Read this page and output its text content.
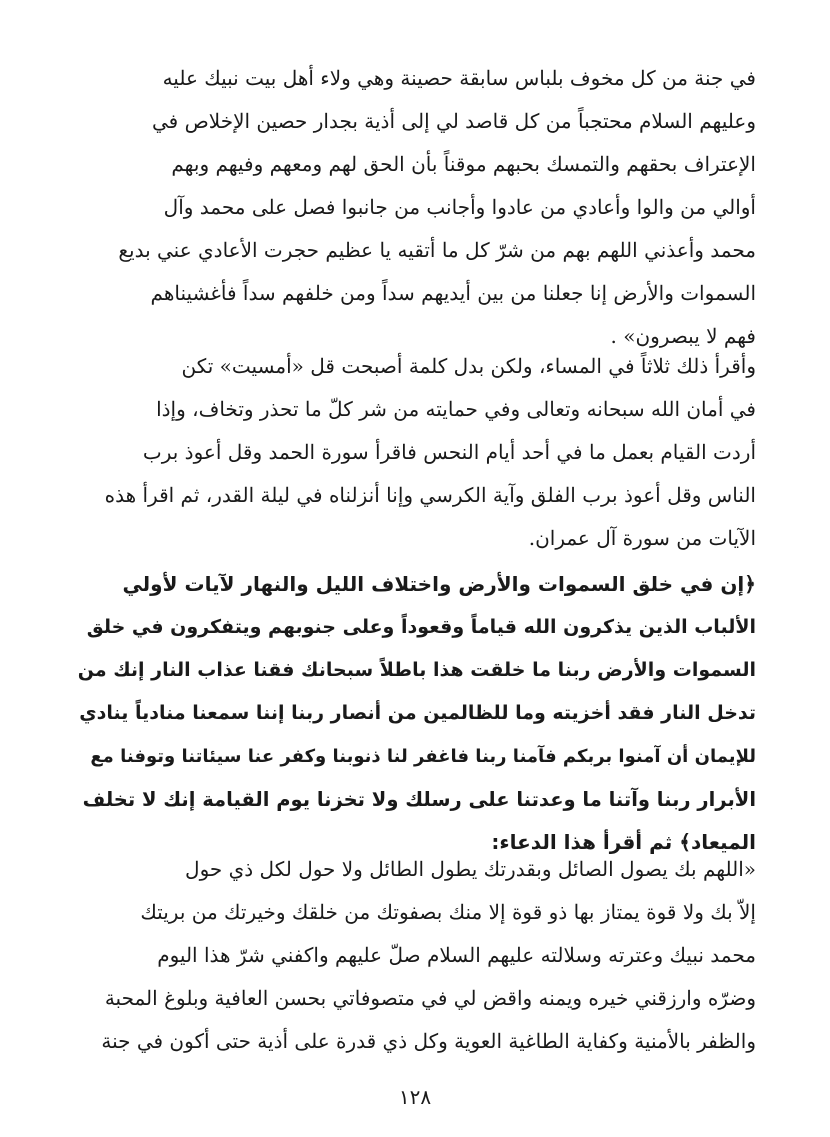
في جنة من كل مخوف بلباس سابقة حصينة وهي ولاء أهل بيت نبيك عليه
وعليهم السلام محتجباً من كل قاصد لي إلى أذية بجدار حصين الإخلاص في
الإعتراف بحقهم والتمسك بحبهم موقناً بأن الحق لهم ومعهم وفيهم وبهم
أوالي من والوا وأعادي من عادوا وأجانب من جانبوا فصل على محمد وآل
محمد وأعذني اللهم بهم من شرّ كل ما أتقيه يا عظيم حجرت الأعادي عني بديع
السموات والأرض إنا جعلنا من بين أيديهم سداً ومن خلفهم سداً فأغشيناهم
فهم لا يبصرون» .
وأقرأ ذلك ثلاثاً في المساء، ولكن بدل كلمة أصبحت قل «أمسيت» تكن
في أمان الله سبحانه وتعالى وفي حمايته من شر كلّ ما تحذر وتخاف، وإذا
أردت القيام بعمل ما في أحد أيام النحس فاقرأ سورة الحمد وقل أعوذ برب
الناس وقل أعوذ برب الفلق وآية الكرسي وإنا أنزلناه في ليلة القدر، ثم اقرأ هذه
الآيات من سورة آل عمران.
﴿إن في خلق السموات والأرض واختلاف الليل والنهار لآيات لأولي
الألباب الذين يذكرون الله قياماً وقعوداً وعلى جنوبهم ويتفكرون في خلق
السموات والأرض ربنا ما خلقت هذا باطلاً سبحانك فقنا عذاب النار إنك من
تدخل النار فقد أخزيته وما للظالمين من أنصار ربنا إننا سمعنا منادياً ينادي
للإيمان أن آمنوا بربكم فآمنا ربنا فاغفر لنا ذنوبنا وكفر عنا سيئاتنا وتوفنا مع
الأبرار ربنا وآتنا ما وعدتنا على رسلك ولا تخزنا يوم القيامة إنك لا تخلف
الميعاد﴾ ثم أقرأ هذا الدعاء:
«اللهم بك يصول الصائل وبقدرتك يطول الطائل ولا حول لكل ذي حول
إلاّ بك ولا قوة يمتاز بها ذو قوة إلا منك بصفوتك من خلقك وخيرتك من بريتك
محمد نبيك وعترته وسلالته عليهم السلام صلّ عليهم واكفني شرّ هذا اليوم
وضرّه وارزقني خيره ويمنه واقض لي في متصوفاتي بحسن العافية وبلوغ المحبة
والظفر بالأمنية وكفاية الطاغية العوية وكل ذي قدرة على أذية حتى أكون في جنة
١٢٨
